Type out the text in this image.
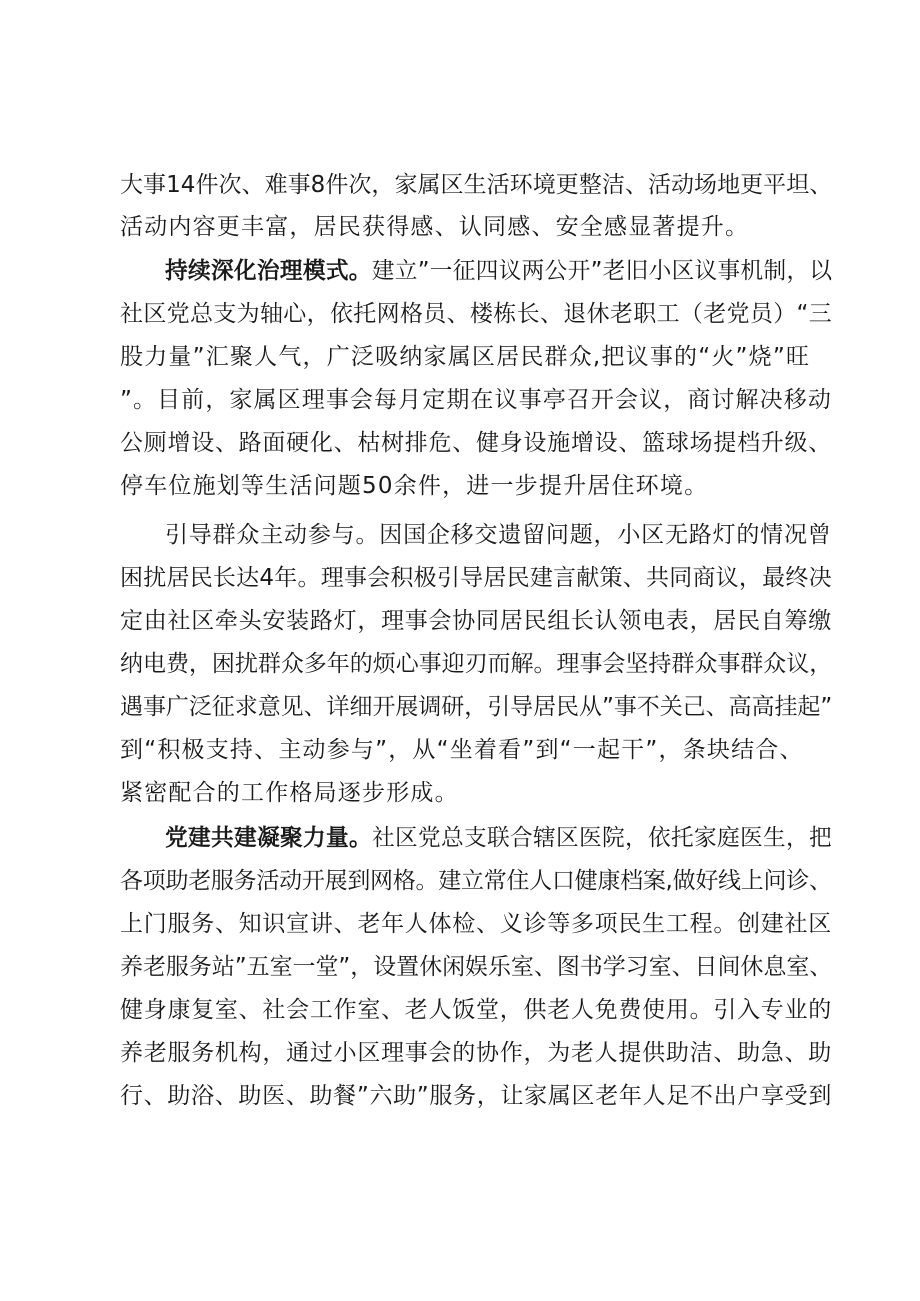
大事14件次、难事8件次，家属区生活环境更整洁、活动场地更平坦、
活动内容更丰富，居民获得感、认同感、安全感显著提升。
持续深化治理模式。建立”一征四议两公开”老旧小区议事机制，以
社区党总支为轴心，依托网格员、楼栋长、退休老职工（老党员）“三
股力量”汇聚人气，广泛吸纳家属区居民群众,把议事的“火”烧”旺
”。目前，家属区理事会每月定期在议事亭召开会议，商讨解决移动
公厕增设、路面硬化、枯树排危、健身设施增设、篮球场提档升级、
停车位施划等生活问题50余件，进一步提升居住环境。
引导群众主动参与。因国企移交遗留问题，小区无路灯的情况曾
困扰居民长达4年。理事会积极引导居民建言献策、共同商议，最终决
定由社区牵头安装路灯，理事会协同居民组长认领电表，居民自筹缴
纳电费，困扰群众多年的烦心事迎刃而解。理事会坚持群众事群众议，
遇事广泛征求意见、详细开展调研，引导居民从”事不关己、高高挂起”
到“积极支持、主动参与”，从“坐着看”到“一起干”，条块结合、
紧密配合的工作格局逐步形成。
党建共建凝聚力量。社区党总支联合辖区医院，依托家庭医生，把
各项助老服务活动开展到网格。建立常住人口健康档案,做好线上问诊、
上门服务、知识宣讲、老年人体检、义诊等多项民生工程。创建社区
养老服务站”五室一堂”，设置休闲娱乐室、图书学习室、日间休息室、
健身康复室、社会工作室、老人饭堂，供老人免费使用。引入专业的
养老服务机构，通过小区理事会的协作，为老人提供助洁、助急、助
行、助浴、助医、助餐”六助”服务，让家属区老年人足不出户享受到
